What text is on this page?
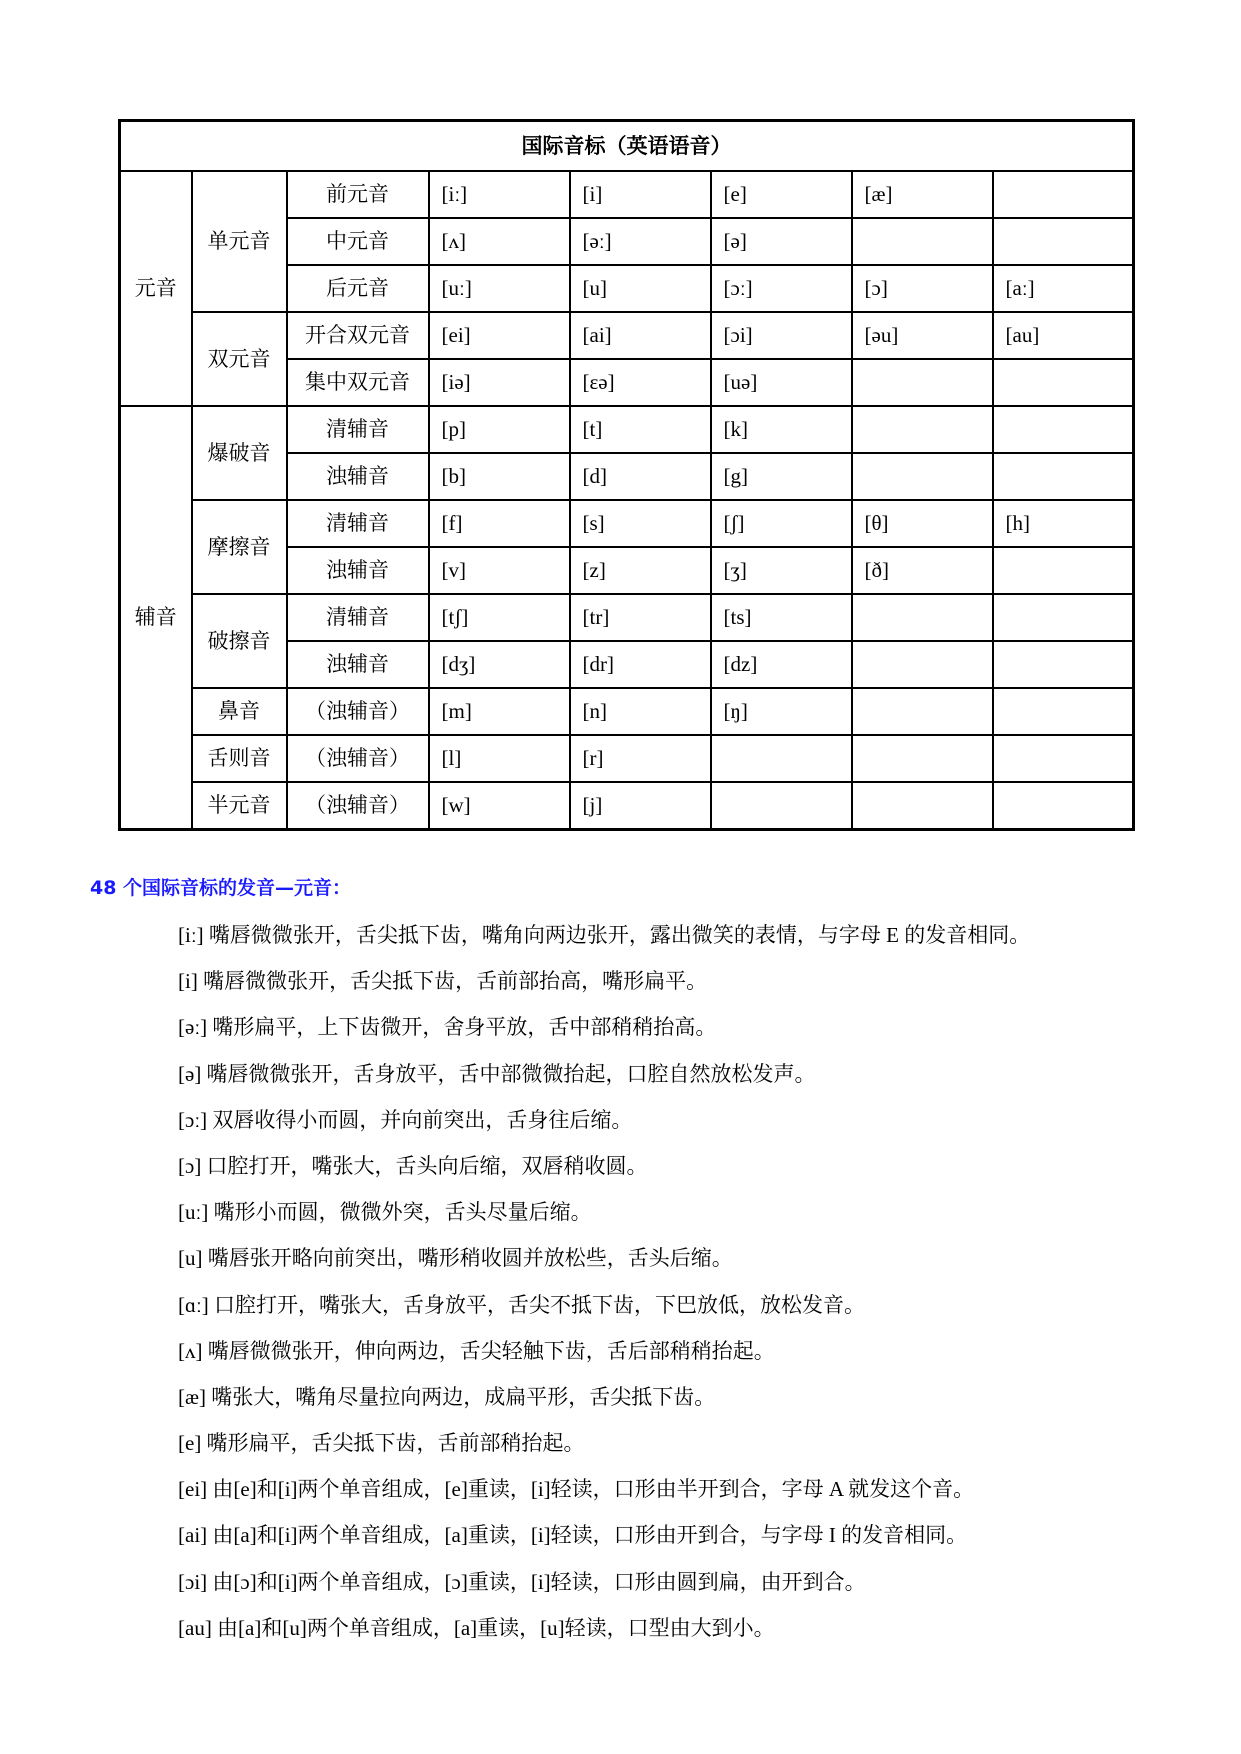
国际音标（英语语音）							
元音	单元音	前元音	[iː]	[i]	[e]	[æ]	
		中元音	[ʌ]	[əː]	[ə]		
		后元音	[uː]	[u]	[ɔː]	[ɔ]	[aː]
	双元音	开合双元音	[ei]	[ai]	[ɔi]	[əu]	[au]
		集中双元音	[iə]	[ɛə]	[uə]		
辅音	爆破音	清辅音	[p]	[t]	[k]		
		浊辅音	[b]	[d]	[g]		
	摩擦音	清辅音	[f]	[s]	[ʃ]	[θ]	[h]
		浊辅音	[v]	[z]	[ʒ]	[ð]	
	破擦音	清辅音	[tʃ]	[tr]	[ts]		
		浊辅音	[dʒ]	[dr]	[dz]		
	鼻音	（浊辅音）	[m]	[n]	[ŋ]		
	舌则音	（浊辅音）	[l]	[r]			
	半元音	（浊辅音）	[w]	[j]			
48 个国际音标的发音—元音：
[iː] 嘴唇微微张开，舌尖抵下齿，嘴角向两边张开，露出微笑的表情，与字母 E 的发音相同。
[i] 嘴唇微微张开，舌尖抵下齿，舌前部抬高，嘴形扁平。
[əː] 嘴形扁平，上下齿微开，舍身平放，舌中部稍稍抬高。
[ə] 嘴唇微微张开，舌身放平，舌中部微微抬起，口腔自然放松发声。
[ɔː] 双唇收得小而圆，并向前突出，舌身往后缩。
[ɔ] 口腔打开，嘴张大，舌头向后缩，双唇稍收圆。
[uː] 嘴形小而圆，微微外突，舌头尽量后缩。
[u] 嘴唇张开略向前突出，嘴形稍收圆并放松些，舌头后缩。
[ɑː] 口腔打开，嘴张大，舌身放平，舌尖不抵下齿，下巴放低，放松发音。
[ʌ] 嘴唇微微张开，伸向两边，舌尖轻触下齿，舌后部稍稍抬起。
[æ] 嘴张大，嘴角尽量拉向两边，成扁平形，舌尖抵下齿。
[e] 嘴形扁平，舌尖抵下齿，舌前部稍抬起。
[ei] 由[e]和[i]两个单音组成，[e]重读，[i]轻读，口形由半开到合，字母 A 就发这个音。
[ai] 由[a]和[i]两个单音组成，[a]重读，[i]轻读，口形由开到合，与字母 I 的发音相同。
[ɔi] 由[ɔ]和[i]两个单音组成，[ɔ]重读，[i]轻读，口形由圆到扁，由开到合。
[au] 由[a]和[u]两个单音组成，[a]重读，[u]轻读，口型由大到小。
